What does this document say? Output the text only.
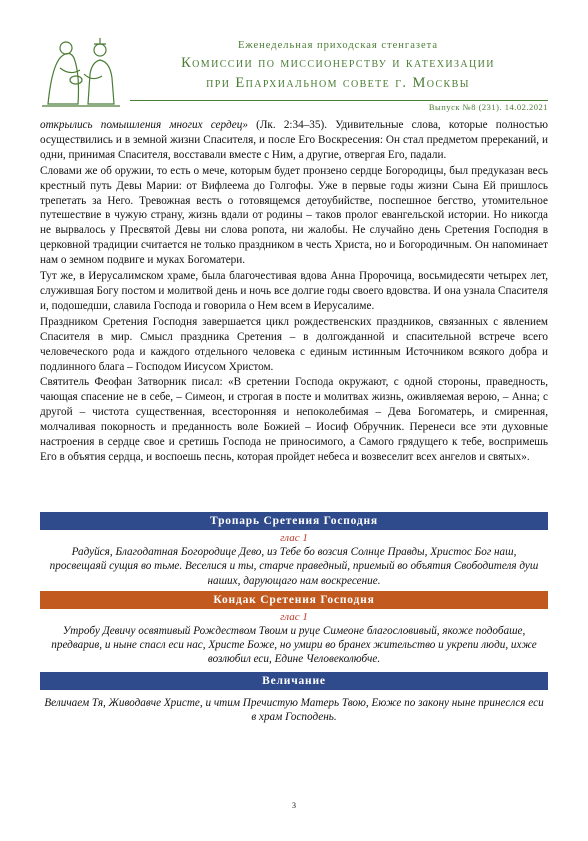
Еженедельная приходская стенгазета
Комиссии по миссионерству и катехизации
при Епархиальном совете г. Москвы
Выпуск №8 (231). 14.02.2021

открылись помышления многих сердец» (Лк. 2:34–35). Удивительные слова, которые полностью осуществились и в земной жизни Спасителя, и после Его Воскресения: Он стал предметом пререканий, и одни, принимая Спасителя, восставали вместе с Ним, а другие, отвергая Его, падали.

Словами же об оружии, то есть о мече, которым будет пронзено сердце Богородицы, был предуказан весь крестный путь Девы Марии: от Вифлеема до Голгофы. Уже в первые годы жизни Сына Ей пришлось трепетать за Него. Тревожная весть о готовящемся детоубийстве, поспешное бегство, утомительное путешествие в чужую страну, жизнь вдали от родины – таков пролог евангельской истории. Но никогда не вырвалось у Пресвятой Девы ни слова ропота, ни жалобы. Не случайно день Сретения Господня в церковной традиции считается не только праздником в честь Христа, но и Богородичным. Он напоминает нам о земном подвиге и муках Богоматери.

Тут же, в Иерусалимском храме, была благочестивая вдова Анна Пророчица, восьмидесяти четырех лет, служившая Богу постом и молитвой день и ночь все долгие годы своего вдовства. И она узнала Спасителя и, подошедши, славила Господа и говорила о Нем всем в Иерусалиме.

Праздником Сретения Господня завершается цикл рождественских праздников, связанных с явлением Спасителя в мир. Смысл праздника Сретения – в долгожданной и спасительной встрече всего человеческого рода и каждого отдельного человека с единым истинным Источником всякого добра и подлинного блага – Господом Иисусом Христом.

Святитель Феофан Затворник писал: «В сретении Господа окружают, с одной стороны, праведность, чающая спасение не в себе, – Симеон, и строгая в посте и молитвах жизнь, оживляемая верою, – Анна; с другой – чистота существенная, всесторонняя и непоколебимая – Дева Богоматерь, и смиренная, молчаливая покорность и преданность воле Божией – Иосиф Обручник. Перенеси все эти духовные настроения в сердце свое и сретишь Господа не приносимого, а Самого грядущего к тебе, воспримешь Его в объятия сердца, и воспоешь песнь, которая пройдет небеса и возвеселит всех ангелов и святых».

Тропарь Сретения Господня
глас 1
Радуйся, Благодатная Богородице Дево, из Тебе бо возсия Солнце Правды, Христос Бог наш, просвещаяй сущия во тьме. Веселися и ты, старче праведный, приемый во объятия Свободителя душ наших, дарующаго нам воскресение.
Кондак Сретения Господня
глас 1
Утробу Девичу освятивый Рождеством Твоим и руце Симеоне благословивый, якоже подобаше, предварив, и ныне спасл еси нас, Христе Боже, но умири во бранех жительство и укрепи люди, ихже возлюбил еси, Едине Человеколюбче.
Величание
Величаем Тя, Живодавче Христе, и чтим Пречистую Матерь Твою, Еюже по закону ныне принеслся еси в храм Господень.
3
